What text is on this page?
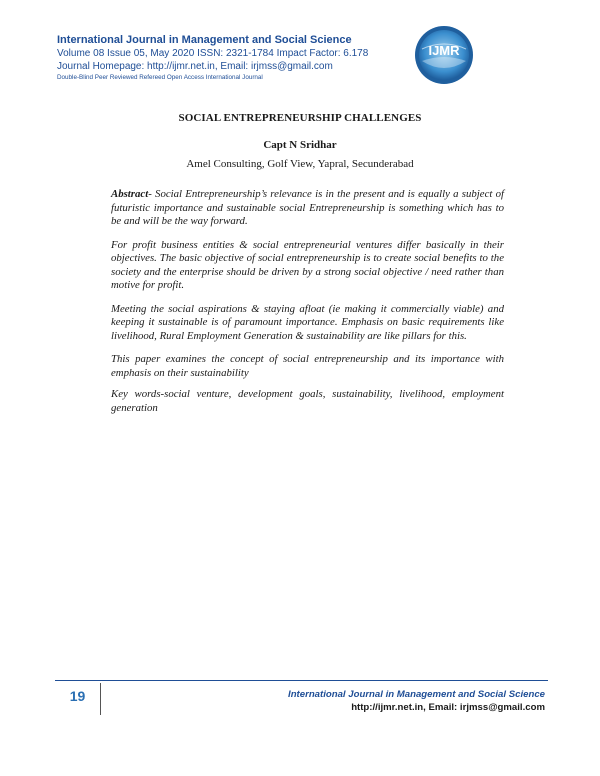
International Journal in Management and Social Science
Volume 08 Issue 05, May 2020 ISSN: 2321-1784 Impact Factor: 6.178
Journal Homepage: http://ijmr.net.in, Email: irjmss@gmail.com
Double-Blind Peer Reviewed Refereed Open Access International Journal
IJMR
SOCIAL ENTREPRENEURSHIP CHALLENGES
Capt N Sridhar
Amel Consulting, Golf View, Yapral, Secunderabad

Abstract- Social Entrepreneurship’s relevance is in the present and is equally a subject of futuristic importance and sustainable social Entrepreneurship is something which has to be and will be the way forward.

For profit business entities & social entrepreneurial ventures differ basically in their objectives. The basic objective of social entrepreneurship is to create social benefits to the society and the enterprise should be driven by a strong social objective / need rather than motive for profit.

Meeting the social aspirations & staying afloat (ie making it commercially viable) and keeping it sustainable is of paramount importance. Emphasis on basic requirements like livelihood, Rural Employment Generation & sustainability are like pillars for this.

This paper examines the concept of social entrepreneurship and its importance with emphasis on their sustainability

Key words-social venture, development goals, sustainability, livelihood, employment generation

19	International Journal in Management and Social Science
http://ijmr.net.in, Email: irjmss@gmail.com
